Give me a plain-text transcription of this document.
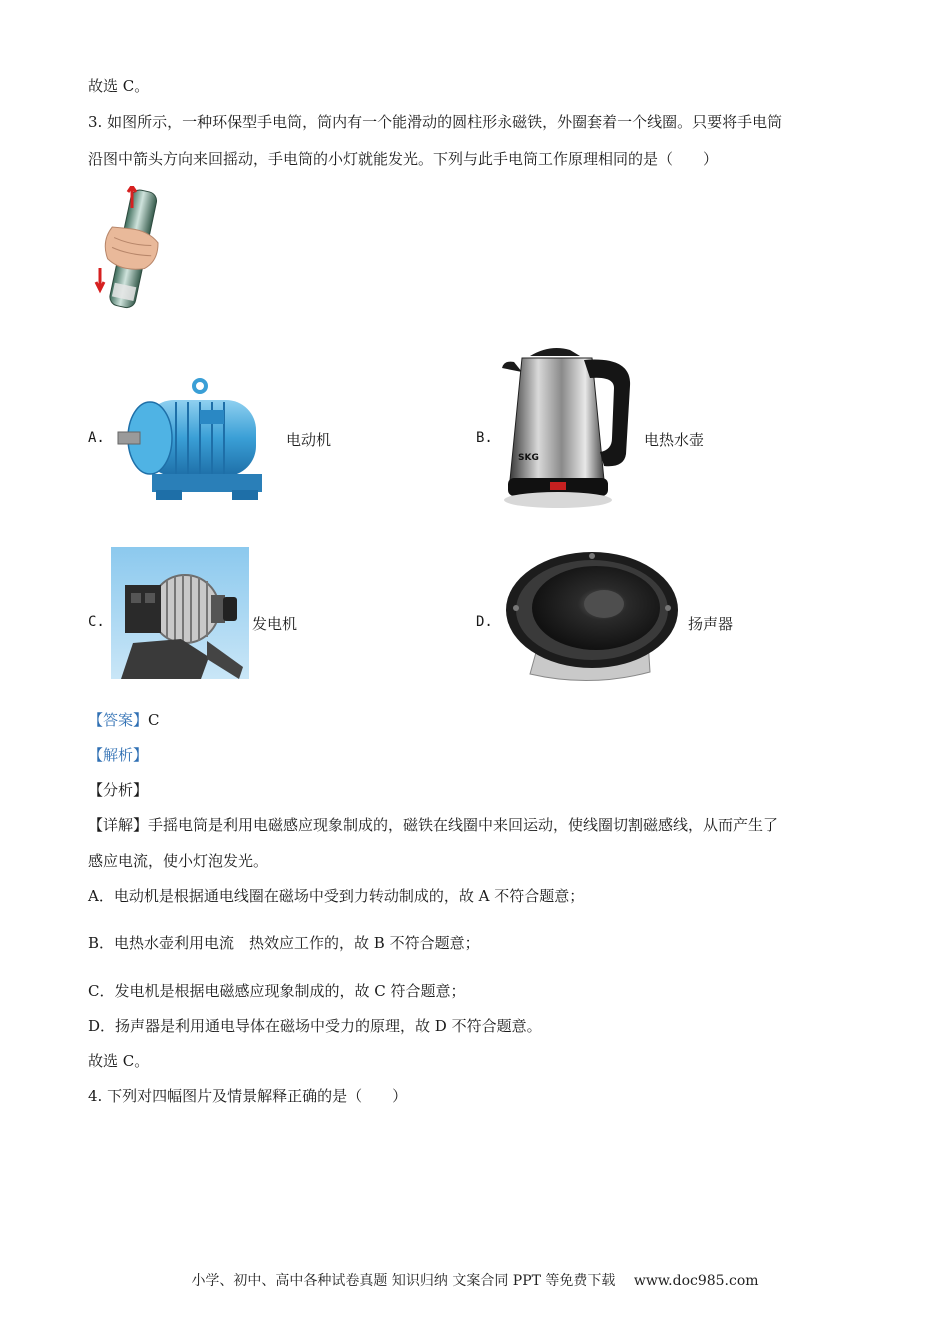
故选 C。
3. 如图所示，一种环保型手电筒，筒内有一个能滑动的圆柱形永磁铁，外圈套着一个线圈。只要将手电筒
沿图中箭头方向来回摇动，手电筒的小灯就能发光。下列与此手电筒工作原理相同的是（　　）
A.	电动机	B.
SKG
电热水壶
C.	发电机	D.	扬声器
【答案】C
【解析】
【分析】
【详解】手摇电筒是利用电磁感应现象制成的，磁铁在线圈中来回运动，使线圈切割磁感线，从而产生了
感应电流，使小灯泡发光。
A．电动机是根据通电线圈在磁场中受到力转动制成的，故 A 不符合题意；
B．电热水壶利用电流　热效应工作的，故 B 不符合题意；
C．发电机是根据电磁感应现象制成的，故 C 符合题意；
D．扬声器是利用通电导体在磁场中受力的原理，故 D 不符合题意。
故选 C。
4. 下列对四幅图片及情景解释正确的是（　　）
小学、初中、高中各种试卷真题 知识归纳 文案合同 PPT 等免费下载　 www.doc985.com
